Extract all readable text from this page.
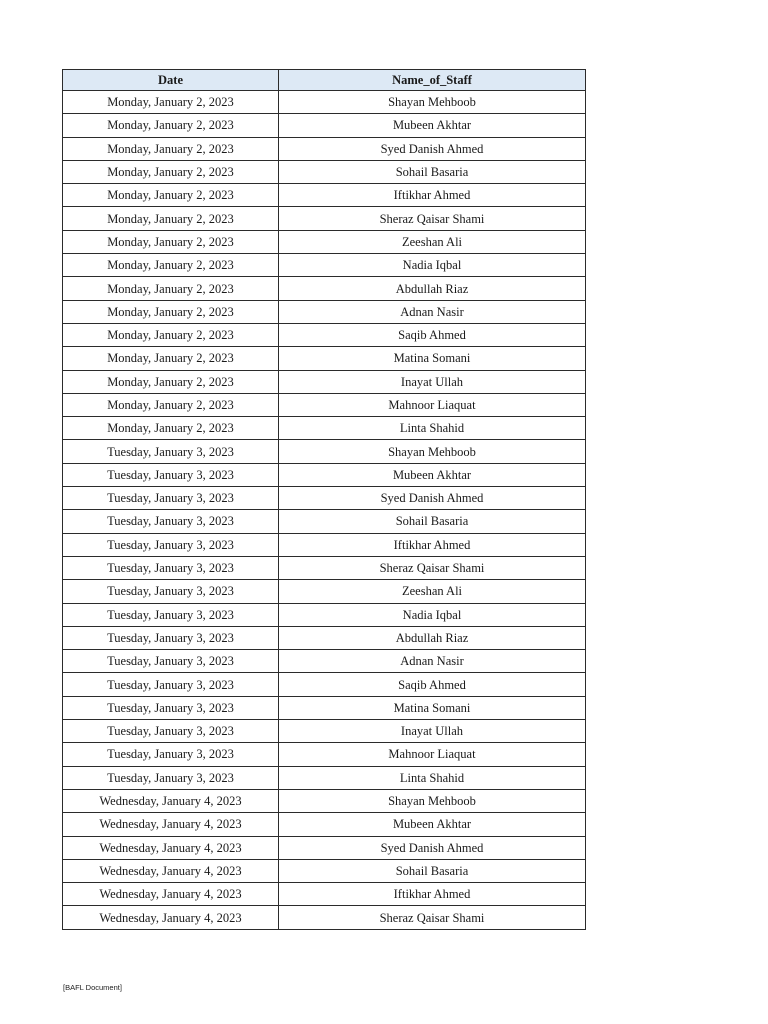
Date	Name_of_Staff
Monday, January 2, 2023	Shayan Mehboob
Monday, January 2, 2023	Mubeen Akhtar
Monday, January 2, 2023	Syed Danish Ahmed
Monday, January 2, 2023	Sohail Basaria
Monday, January 2, 2023	Iftikhar Ahmed
Monday, January 2, 2023	Sheraz Qaisar Shami
Monday, January 2, 2023	Zeeshan Ali
Monday, January 2, 2023	Nadia Iqbal
Monday, January 2, 2023	Abdullah Riaz
Monday, January 2, 2023	Adnan Nasir
Monday, January 2, 2023	Saqib Ahmed
Monday, January 2, 2023	Matina Somani
Monday, January 2, 2023	Inayat Ullah
Monday, January 2, 2023	Mahnoor Liaquat
Monday, January 2, 2023	Linta Shahid
Tuesday, January 3, 2023	Shayan Mehboob
Tuesday, January 3, 2023	Mubeen Akhtar
Tuesday, January 3, 2023	Syed Danish Ahmed
Tuesday, January 3, 2023	Sohail Basaria
Tuesday, January 3, 2023	Iftikhar Ahmed
Tuesday, January 3, 2023	Sheraz Qaisar Shami
Tuesday, January 3, 2023	Zeeshan Ali
Tuesday, January 3, 2023	Nadia Iqbal
Tuesday, January 3, 2023	Abdullah Riaz
Tuesday, January 3, 2023	Adnan Nasir
Tuesday, January 3, 2023	Saqib Ahmed
Tuesday, January 3, 2023	Matina Somani
Tuesday, January 3, 2023	Inayat Ullah
Tuesday, January 3, 2023	Mahnoor Liaquat
Tuesday, January 3, 2023	Linta Shahid
Wednesday, January 4, 2023	Shayan Mehboob
Wednesday, January 4, 2023	Mubeen Akhtar
Wednesday, January 4, 2023	Syed Danish Ahmed
Wednesday, January 4, 2023	Sohail Basaria
Wednesday, January 4, 2023	Iftikhar Ahmed
Wednesday, January 4, 2023	Sheraz Qaisar Shami
[BAFL Document]
